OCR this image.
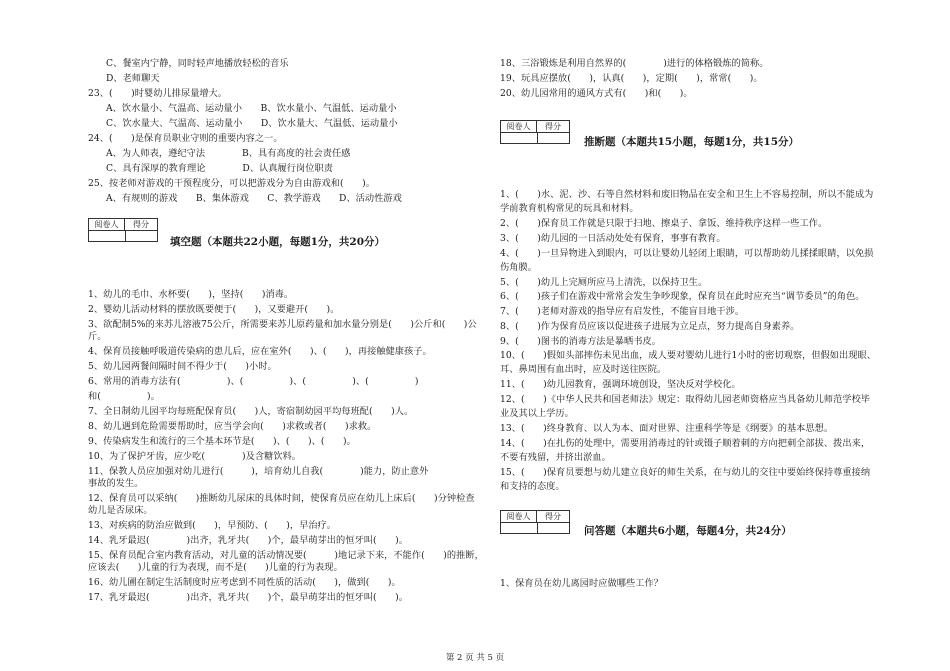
C、餐室内宁静，同时轻声地播放轻松的音乐
D、老师聊天
23、(　　)时婴幼儿排尿量增大。
A、饮水量小、气温高、运动量小　　B、饮水量小、气温低、运动量小
C、饮水量大、气温高、运动量小　　D、饮水量大、气温低、运动量小
24、(　　)是保育员职业守则的重要内容之一。
A、为人师表，遵纪守法　　　　B、具有高度的社会责任感
C、具有深厚的教育理论　　　　D、认真履行岗位职责
25、按老师对游戏的干预程度分，可以把游戏分为自由游戏和(　　)。
A、有规则的游戏　　B、集体游戏　　C、教学游戏　　D、活动性游戏
阅卷人	得分
填空题（本题共22小题，每题1分，共20分）
1、幼儿的毛巾、水杯要(　　)，坚持(　　)消毒。
2、婴幼儿活动材料的摆放既要便于(　　)，又要避开(　　)。
3、欲配制5%的来苏儿溶液75公斤，所需要来苏儿原药量和加水量分别是(　　)公斤和(　　)公
斤。
4、保育员接触呼吸道传染病的患儿后，应在室外(　　)、(　　)，再接触健康孩子。
5、幼儿园两餐间隔时间不得少于(　　)小时。
6、常用的消毒方法有(　　　　　)、(　　　　　)、(　　　　　)、(　　　　　)
和(　　　　　)。
7、全日制幼儿园平均每班配保育员(　　)人，寄宿制幼园平均每班配(　　)人。
8、幼儿遇到危险需要帮助时，应当学会向(　　)求救或者(　　)求救。
9、传染病发生和流行的三个基本环节是(　　)、(　　)、(　　)。
10、为了保护牙齿，应少吃(　　　　)及含糖饮料。
11、保教人员应加强对幼儿进行(　　　)，培育幼儿自我(　　　　)能力，防止意外
事故的发生。
12、保育员可以采纳(　　)推断幼儿尿床的具体时间，使保育员应在幼儿上床后(　　)分钟检查
幼儿是否尿床。
13、对疾病的防治应做到(　　)，早预防、(　　)，早治疗。
14、乳牙最迟(　　　　)出齐，乳牙共(　　)个，最早萌芽出的恒牙叫(　　)。
15、保育员配合室内教育活动，对儿童的活动情况要(　　　)地记录下来，不能作(　　)的推断，
应该去(　　)儿童的行为表现，而不是(　　)儿童的行为表现。
16、幼儿圃在制定生活制度时应考虑到不同性质的活动(　　)，做到(　　)。
17、乳牙最迟(　　　　)出齐，乳牙共(　　)个，最早萌芽出的恒牙叫(　　)。
18、三浴锻炼是利用自然界的(　　　　)进行的体格锻炼的简称。
19、玩具应摆放(　　)，认真(　　)，定期(　　)，常常(　　)。
20、幼儿园常用的通风方式有(　　)和(　　)。
阅卷人	得分
推断题（本题共15小题，每题1分，共15分）
1、(　　)水、泥、沙、石等自然材料和废旧物品在安全和卫生上不容易控制，所以不能成为
学前教育机构常见的玩具和材料。
2、(　　)保育员工作就是只限于扫地、擦桌子、拿饭、维持秩序这样一些工作。
3、(　　)幼儿园的一日活动处处有保育，事事有教育。
4、(　　)一旦异物进入到眼内，可以让婴幼儿轻闭上眼睛，可以帮助幼儿揉揉眼睛，以免损
伤角膜。
5、(　　)幼儿上完厕所应马上清洗，以保持卫生。
6、(　　)孩子们在游戏中常常会发生争吵现象，保育员在此时应充当“调节委员”的角色。
7、(　　)老师对游戏的指导应有启发性，不能盲目地干涉。
8、(　　)作为保育员应该以促进孩子进展为立足点，努力提高自身素养。
9、(　　)图书的消毒方法是暴晒书皮。
10、(　　)假如头部摔伤未见出血，成人要对婴幼儿进行1小时的密切观察，但假如出现眼、
耳、鼻周围有血出时，应及时送往医院。
11、(　　)幼儿园教育，强调环境创设，坚决反对学校化。
12、(　　)《中华人民共和国老师法》规定：取得幼儿园老师资格应当具备幼儿师范学校毕
业及其以上学历。
13、(　　)终身教育、以人为本、面对世界、注重科学等是《纲要》的基本思想。
14、(　　)在扎伤的处理中，需要用消毒过的针或镊子顺着刺的方向把刺全部拔、拨出来，
不要有残留，并挤出淤血。
15、(　　)保育员要想与幼儿建立良好的师生关系，在与幼儿的交往中要始终保持尊重接纳
和支持的态度。
阅卷人	得分
问答题（本题共6小题，每题4分，共24分）
1、保育员在幼儿离园时应做哪些工作？
第 2 页 共 5 页
